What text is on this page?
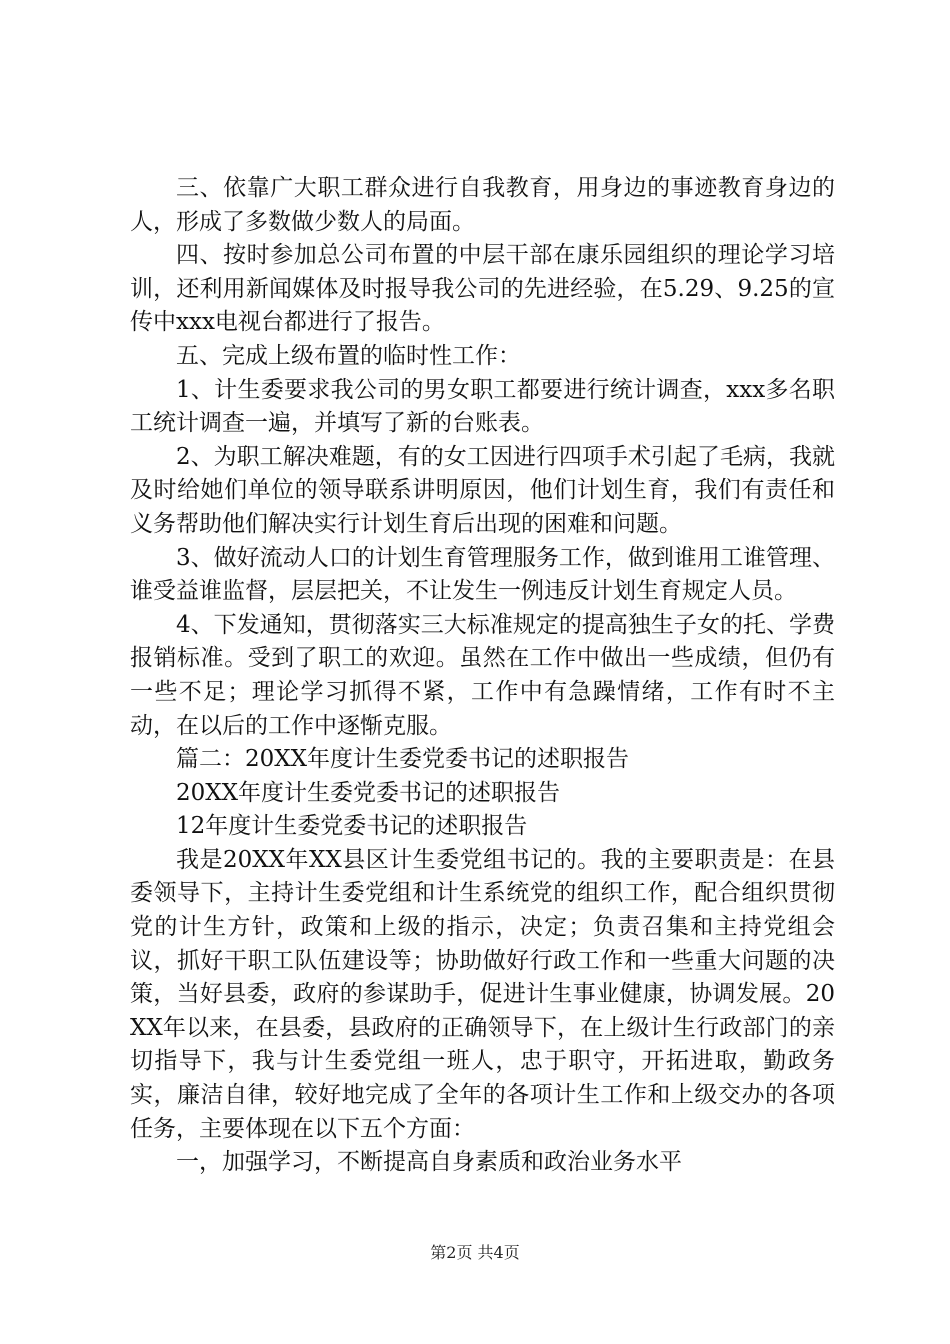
三、依靠广大职工群众进行自我教育，用身边的事迹教育身边的人，形成了多数做少数人的局面。

四、按时参加总公司布置的中层干部在康乐园组织的理论学习培训，还利用新闻媒体及时报导我公司的先进经验，在5.29、9.25的宣传中xxx电视台都进行了报告。

五、完成上级布置的临时性工作：

1、计生委要求我公司的男女职工都要进行统计调查，xxx多名职工统计调查一遍，并填写了新的台账表。

2、为职工解决难题，有的女工因进行四项手术引起了毛病，我就及时给她们单位的领导联系讲明原因，他们计划生育，我们有责任和义务帮助他们解决实行计划生育后出现的困难和问题。

3、做好流动人口的计划生育管理服务工作，做到谁用工谁管理、谁受益谁监督，层层把关，不让发生一例违反计划生育规定人员。

4、下发通知，贯彻落实三大标准规定的提高独生子女的托、学费报销标准。受到了职工的欢迎。虽然在工作中做出一些成绩，但仍有一些不足；理论学习抓得不紧，工作中有急躁情绪，工作有时不主动，在以后的工作中逐惭克服。

篇二：20XX年度计生委党委书记的述职报告

20XX年度计生委党委书记的述职报告

12年度计生委党委书记的述职报告

我是20XX年XX县区计生委党组书记的。我的主要职责是：在县委领导下，主持计生委党组和计生系统党的组织工作，配合组织贯彻党的计生方针，政策和上级的指示，决定；负责召集和主持党组会议，抓好干职工队伍建设等；协助做好行政工作和一些重大问题的决策，当好县委，政府的参谋助手，促进计生事业健康，协调发展。20XX年以来，在县委，县政府的正确领导下，在上级计生行政部门的亲切指导下，我与计生委党组一班人，忠于职守，开拓进取，勤政务实，廉洁自律，较好地完成了全年的各项计生工作和上级交办的各项任务，主要体现在以下五个方面：

一，加强学习，不断提高自身素质和政治业务水平

第2页 共4页
